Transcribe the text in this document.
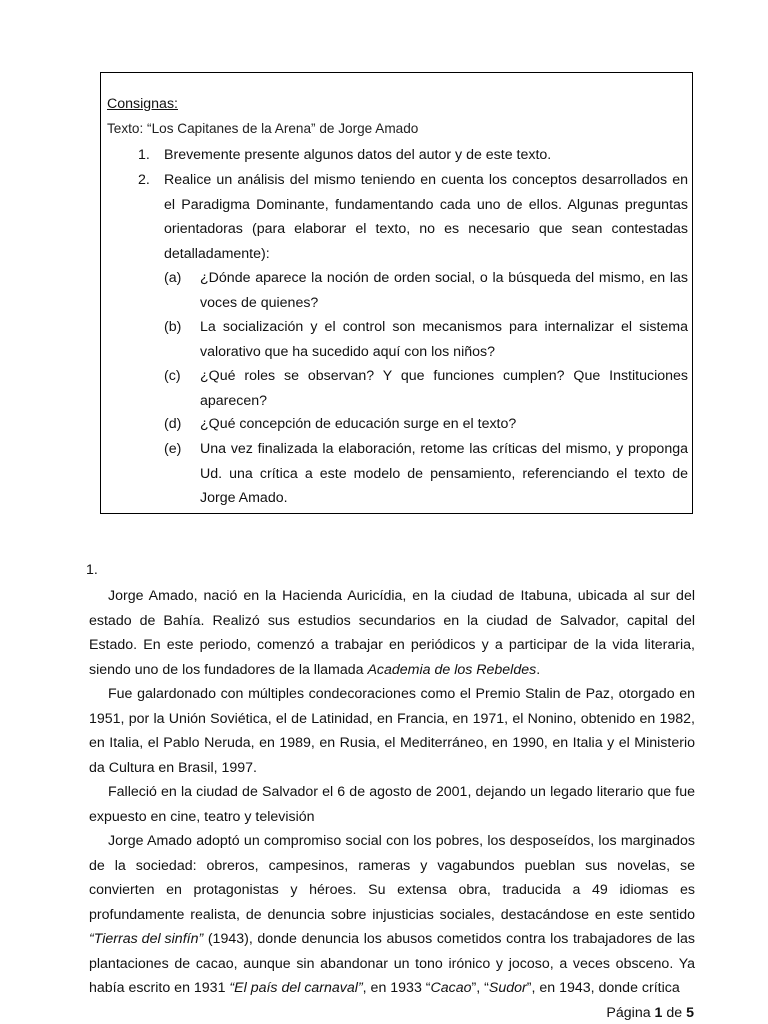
Consignas:
Texto: “Los Capitanes de la Arena” de Jorge Amado
1. Brevemente presente algunos datos del autor y de este texto.
2. Realice un análisis del mismo teniendo en cuenta los conceptos desarrollados en el Paradigma Dominante, fundamentando cada uno de ellos. Algunas preguntas orientadoras (para elaborar el texto, no es necesario que sean contestadas detalladamente):
(a) ¿Dónde aparece la noción de orden social, o la búsqueda del mismo, en las voces de quienes?
(b) La socialización y el control son mecanismos para internalizar el sistema valorativo que ha sucedido aquí con los niños?
(c) ¿Qué roles se observan? Y que funciones cumplen? Que Instituciones aparecen?
(d) ¿Qué concepción de educación surge en el texto?
(e) Una vez finalizada la elaboración, retome las críticas del mismo, y proponga Ud. una crítica a este modelo de pensamiento, referenciando el texto de Jorge Amado.
1.
Jorge Amado, nació en la Hacienda Auricídia, en la ciudad de Itabuna, ubicada al sur del
estado de Bahía. Realizó sus estudios secundarios en la ciudad de Salvador, capital del
Estado. En este periodo, comenzó a trabajar en periódicos y a participar de la vida literaria,
siendo uno de los fundadores de la llamada Academia de los Rebeldes.
Fue galardonado con múltiples condecoraciones como el Premio Stalin de Paz, otorgado en
1951, por la Unión Soviética, el de Latinidad, en Francia, en 1971, el Nonino, obtenido en 1982,
en Italia, el Pablo Neruda, en 1989, en Rusia, el Mediterráneo, en 1990, en Italia y el Ministerio
da Cultura en Brasil, 1997.
Falleció en la ciudad de Salvador el 6 de agosto de 2001, dejando un legado literario que fue
expuesto en cine, teatro y televisión
Jorge Amado adoptó un compromiso social con los pobres, los desposeídos, los marginados
de la sociedad: obreros, campesinos, rameras y vagabundos pueblan sus novelas, se
convierten en protagonistas y héroes. Su extensa obra, traducida a 49 idiomas es
profundamente realista, de denuncia sobre injusticias sociales, destacándose en este sentido
“Tierras del sinfín” (1943), donde denuncia los abusos cometidos contra los trabajadores de las
plantaciones de cacao, aunque sin abandonar un tono irónico y jocoso, a veces obsceno. Ya
había escrito en 1931 “El país del carnaval”, en 1933 “Cacao”, “Sudor”, en 1943, donde crítica
Página 1 de 5
